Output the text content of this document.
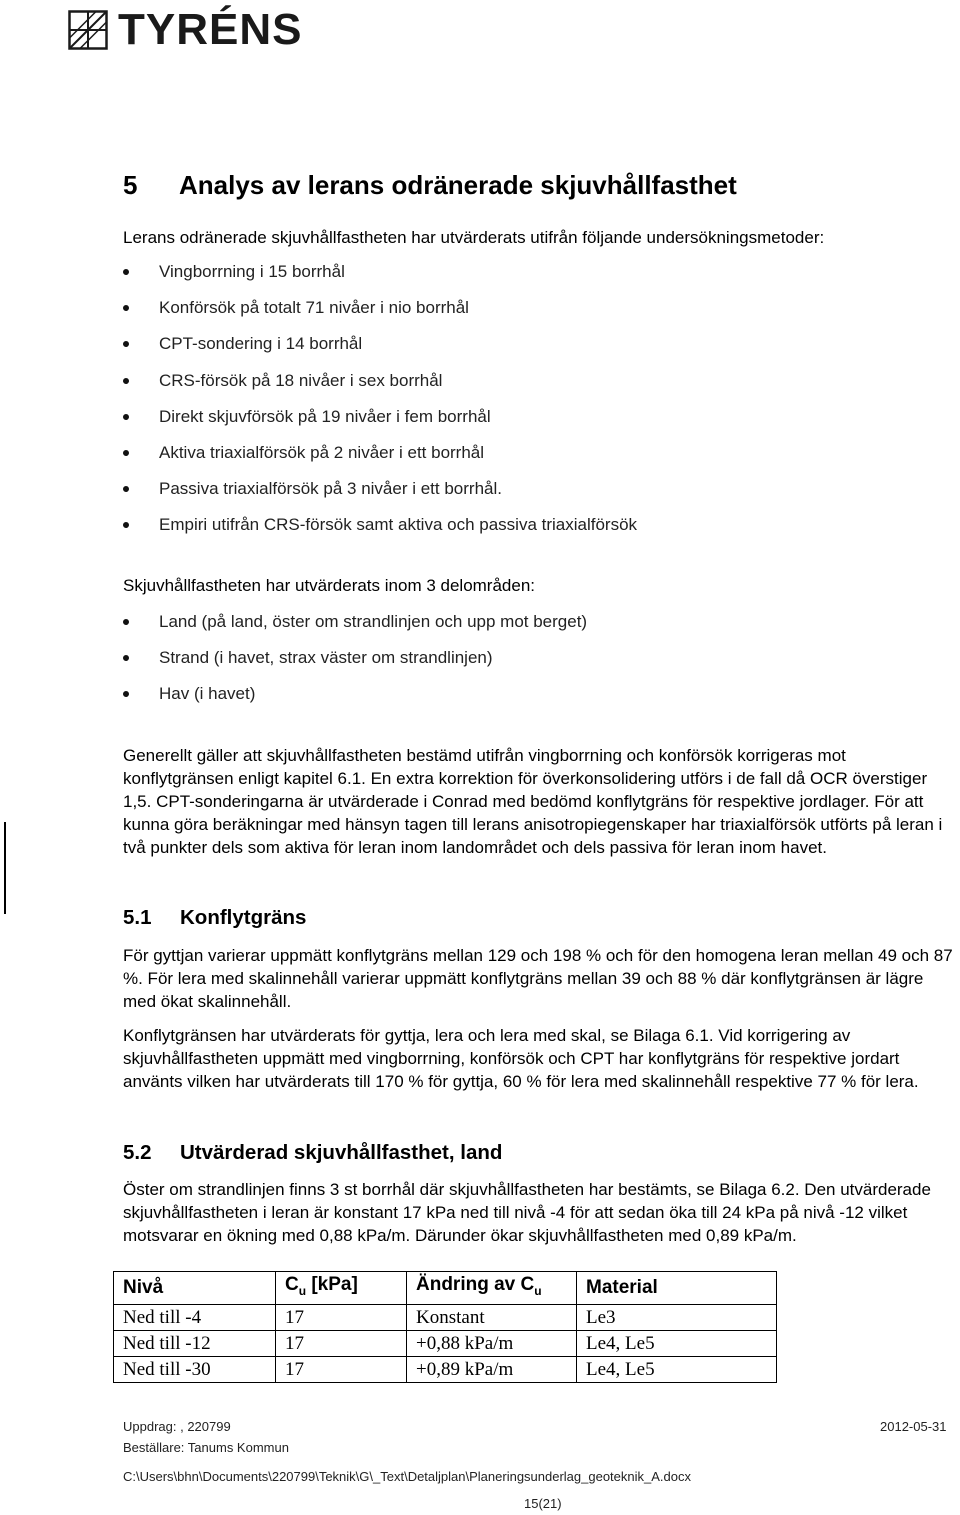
TYRÉNS
5 Analys av lerans odränerade skjuvhållfasthet

Lerans odränerade skjuvhållfastheten har utvärderats utifrån följande undersökningsmetoder:

Vingborrning i 15 borrhål
Konförsök på totalt 71 nivåer i nio borrhål
CPT-sondering i 14 borrhål
CRS-försök på 18 nivåer i sex borrhål
Direkt skjuvförsök på 19 nivåer i fem borrhål
Aktiva triaxialförsök på 2 nivåer i ett borrhål
Passiva triaxialförsök på 3 nivåer i ett borrhål.
Empiri utifrån CRS-försök samt aktiva och passiva triaxialförsök

Skjuvhållfastheten har utvärderats inom 3 delområden:

Land (på land, öster om strandlinjen och upp mot berget)
Strand (i havet, strax väster om strandlinjen)
Hav (i havet)

Generellt gäller att skjuvhållfastheten bestämd utifrån vingborrning och konförsök korrigeras mot konflytgränsen enligt kapitel 6.1. En extra korrektion för överkonsolidering utförs i de fall då OCR överstiger 1,5. CPT-sonderingarna är utvärderade i Conrad med bedömd konflytgräns för respektive jordlager. För att kunna göra beräkningar med hänsyn tagen till lerans anisotropiegenskaper har triaxialförsök utförts på leran i två punkter dels som aktiva för leran inom landområdet och dels passiva för leran inom havet.

5.1 Konflytgräns

För gyttjan varierar uppmätt konflytgräns mellan 129 och 198 % och för den homogena leran mellan 49 och 87 %. För lera med skalinnehåll varierar uppmätt konflytgräns mellan 39 och 88 % där konflytgränsen är lägre med ökat skalinnehåll.

Konflytgränsen har utvärderats för gyttja, lera och lera med skal, se Bilaga 6.1. Vid korrigering av skjuvhållfastheten uppmätt med vingborrning, konförsök och CPT har konflytgräns för respektive jordart använts vilken har utvärderats till 170 % för gyttja, 60 % för lera med skalinnehåll respektive 77 % för lera.

5.2 Utvärderad skjuvhållfasthet, land

Öster om strandlinjen finns 3 st borrhål där skjuvhållfastheten har bestämts, se Bilaga 6.2. Den utvärderade skjuvhållfastheten i leran är konstant 17 kPa ned till nivå -4 för att sedan öka till 24 kPa på nivå -12 vilket motsvarar en ökning med 0,88 kPa/m. Därunder ökar skjuvhållfastheten med 0,89 kPa/m.

Nivå	$C_u$ [kPa]	Ändring av $C_u$	Material
Ned till -4	17	Konstant	Le3
Ned till -12	17	+0,88 kPa/m	Le4, Le5
Ned till -30	17	+0,89 kPa/m	Le4, Le5
Uppdrag: , 220799	2012-05-31
Beställare: Tanums Kommun
C:\Users\bhn\Documents\220799\Teknik\G\_Text\Detaljplan\Planeringsunderlag_geoteknik_A.docx
15(21)
